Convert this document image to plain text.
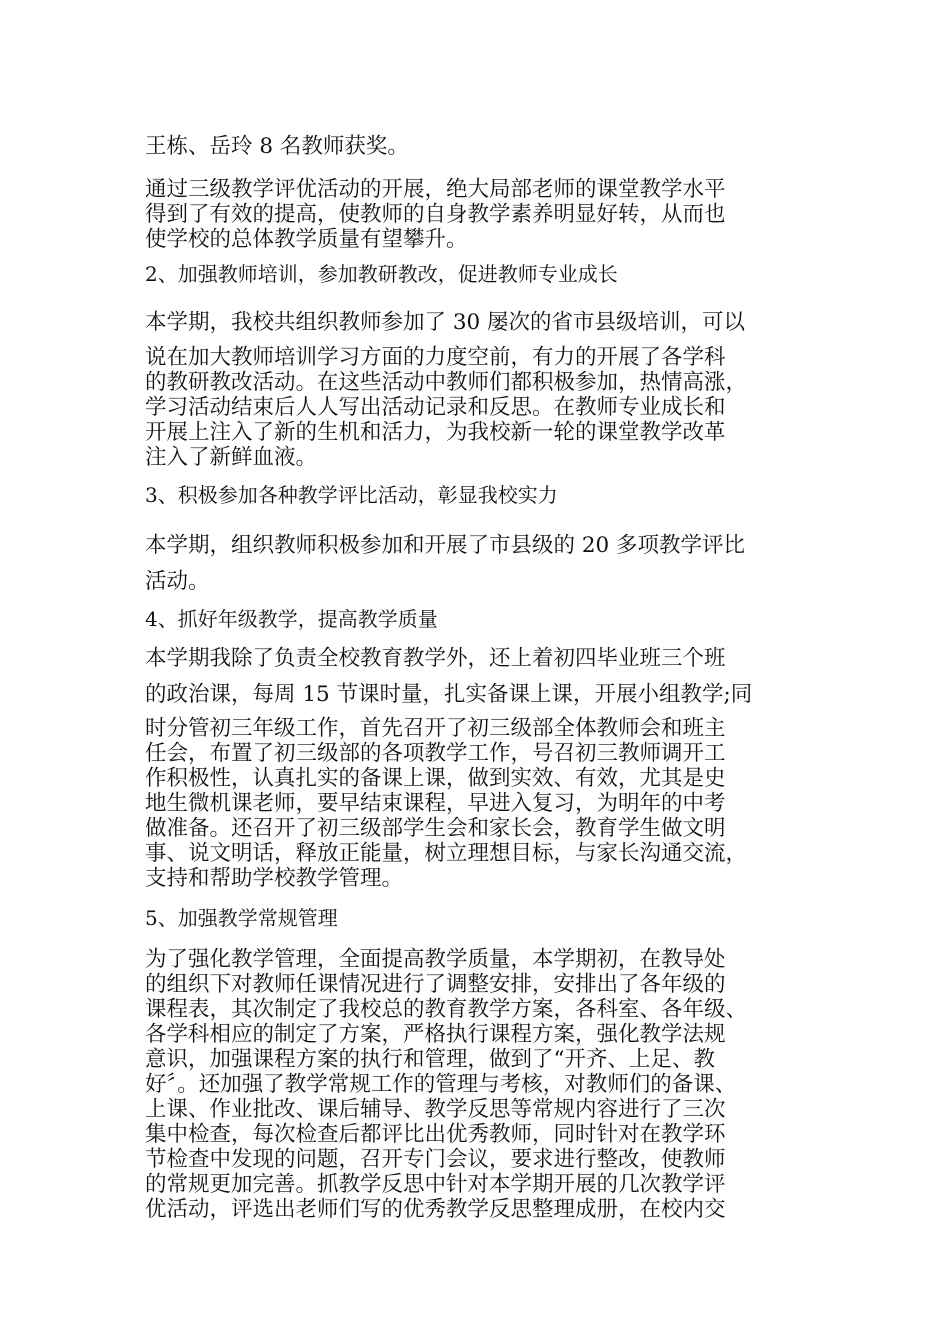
王栋、岳玲 8 名教师获奖。
通过三级教学评优活动的开展，绝大局部老师的课堂教学水平
得到了有效的提高，使教师的自身教学素养明显好转，从而也
使学校的总体教学质量有望攀升。
2、加强教师培训，参加教研教改，促进教师专业成长
本学期，我校共组织教师参加了 30 屡次的省市县级培训，可以
说在加大教师培训学习方面的力度空前，有力的开展了各学科
的教研教改活动。在这些活动中教师们都积极参加，热情高涨，
学习活动结束后人人写出活动记录和反思。在教师专业成长和
开展上注入了新的生机和活力，为我校新一轮的课堂教学改革
注入了新鲜血液。
3、积极参加各种教学评比活动，彰显我校实力
本学期，组织教师积极参加和开展了市县级的 20 多项教学评比
活动。
4、抓好年级教学，提高教学质量
本学期我除了负责全校教育教学外，还上着初四毕业班三个班
的政治课，每周 15 节课时量，扎实备课上课，开展小组教学;同
时分管初三年级工作，首先召开了初三级部全体教师会和班主
任会，布置了初三级部的各项教学工作，号召初三教师调开工
作积极性，认真扎实的备课上课，做到实效、有效，尤其是史
地生微机课老师，要早结束课程，早进入复习，为明年的中考
做准备。还召开了初三级部学生会和家长会，教育学生做文明
事、说文明话，释放正能量，树立理想目标，与家长沟通交流，
支持和帮助学校教学管理。
5、加强教学常规管理
为了强化教学管理，全面提高教学质量，本学期初，在教导处
的组织下对教师任课情况进行了调整安排，安排出了各年级的
课程表，其次制定了我校总的教育教学方案，各科室、各年级、
各学科相应的制定了方案，严格执行课程方案，强化教学法规
意识，加强课程方案的执行和管理，做到了“开齐、上足、教
好〞。还加强了教学常规工作的管理与考核，对教师们的备课、
上课、作业批改、课后辅导、教学反思等常规内容进行了三次
集中检查，每次检查后都评比出优秀教师，同时针对在教学环
节检查中发现的问题，召开专门会议，要求进行整改，使教师
的常规更加完善。抓教学反思中针对本学期开展的几次教学评
优活动，评选出老师们写的优秀教学反思整理成册，在校内交
